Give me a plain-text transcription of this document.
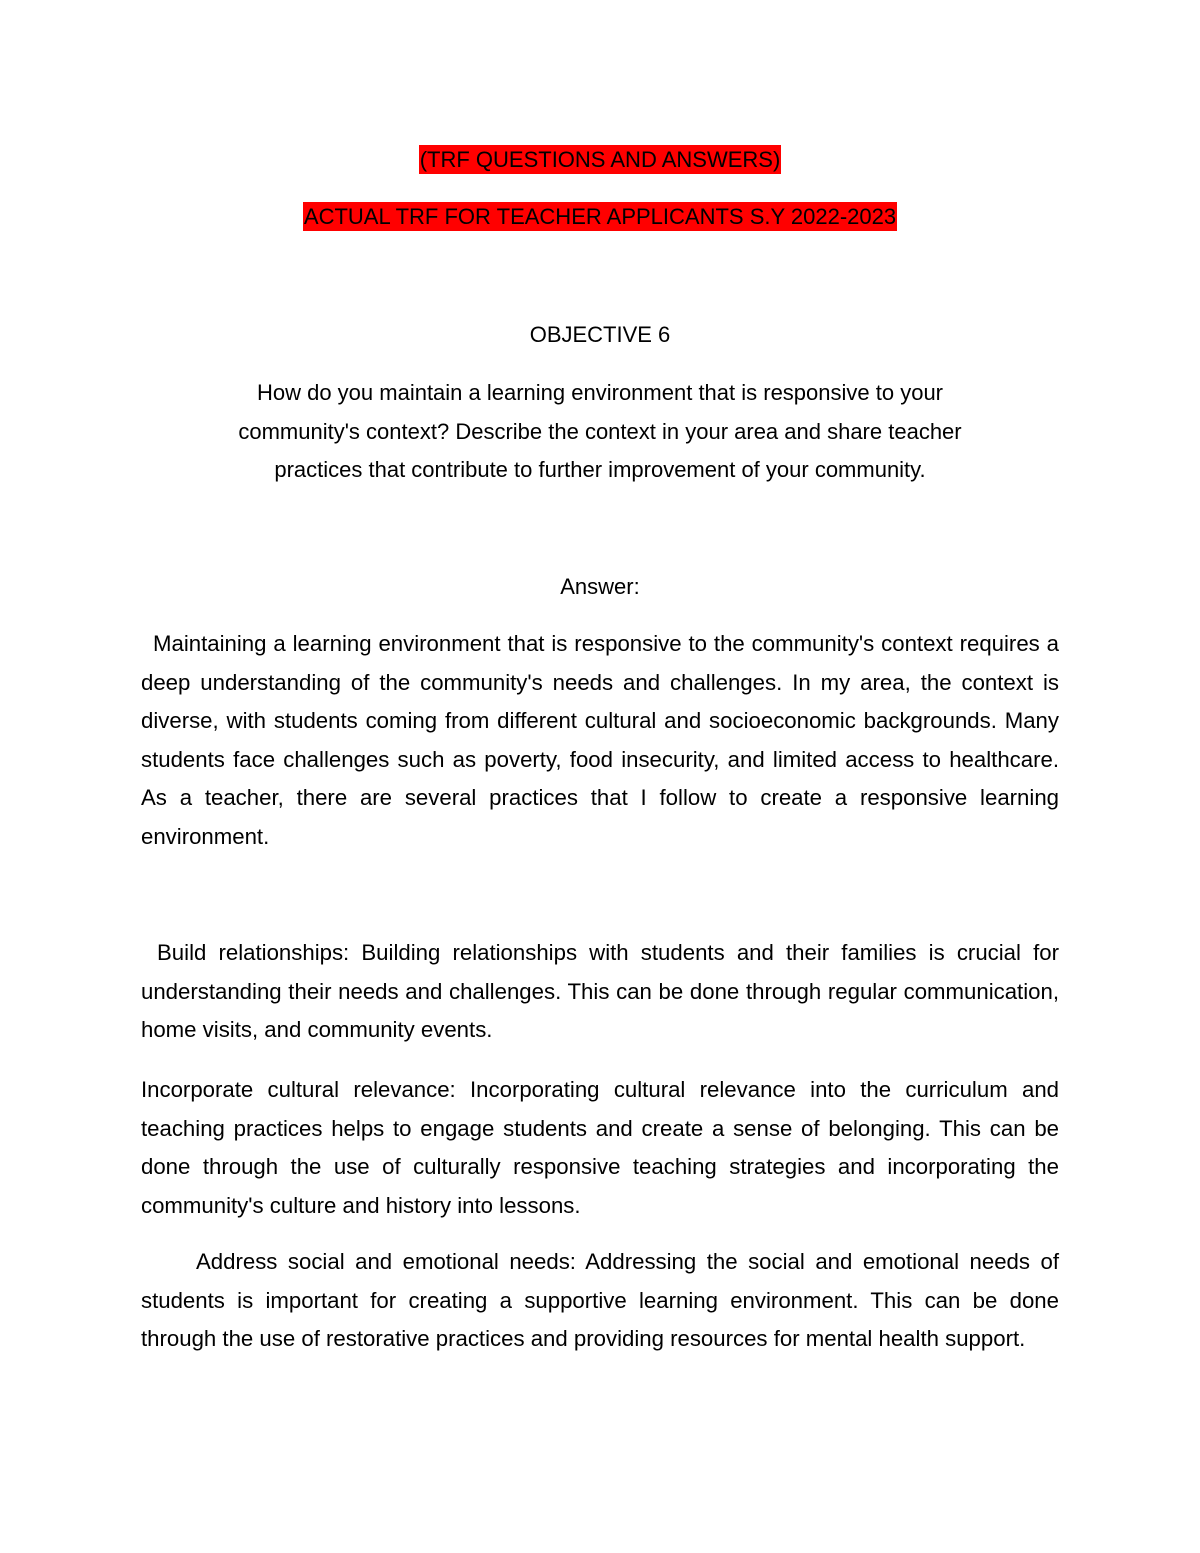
(TRF QUESTIONS AND ANSWERS)
ACTUAL TRF FOR TEACHER APPLICANTS S.Y 2022-2023
OBJECTIVE 6
How do you maintain a learning environment that is responsive to your
community's context? Describe the context in your area and share teacher
practices that contribute to further improvement of your community.
Answer:

Maintaining a learning environment that is responsive to the community's context requires a deep understanding of the community's needs and challenges. In my area, the context is diverse, with students coming from different cultural and socioeconomic backgrounds. Many students face challenges such as poverty, food insecurity, and limited access to healthcare. As a teacher, there are several practices that I follow to create a responsive learning environment.

Build relationships: Building relationships with students and their families is crucial for understanding their needs and challenges. This can be done through regular communication, home visits, and community events.

Incorporate cultural relevance: Incorporating cultural relevance into the curriculum and teaching practices helps to engage students and create a sense of belonging. This can be done through the use of culturally responsive teaching strategies and incorporating the community's culture and history into lessons.

Address social and emotional needs: Addressing the social and emotional needs of students is important for creating a supportive learning environment. This can be done through the use of restorative practices and providing resources for mental health support.
